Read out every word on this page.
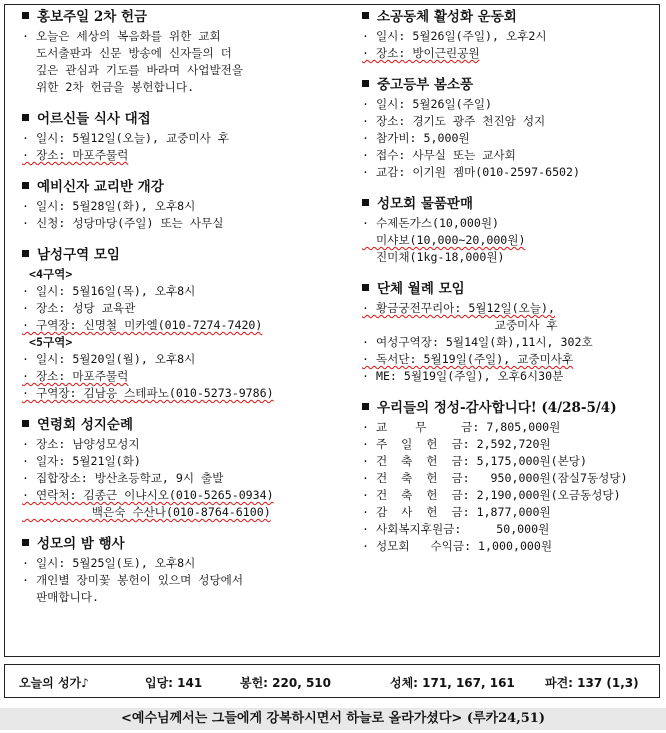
홍보주일 2차 헌금
· 오늘은 세상의 복음화를 위한 교회
도서출판과 신문 방송에 신자들의 더
깊은 관심과 기도를 바라며 사업발전을
위한 2차 헌금을 봉헌합니다.
어르신들 식사 대접
· 일시: 5월12일(오늘), 교중미사 후
· 장소: 마포주물럭
예비신자 교리반 개강
· 일시: 5월28일(화), 오후8시
· 신청: 성당마당(주일) 또는 사무실
남성구역 모임
<4구역>
· 일시: 5월16일(목), 오후8시
· 장소: 성당 교육관
· 구역장: 신명철 미카엘(010-7274-7420)
<5구역>
· 일시: 5월20일(월), 오후8시
· 장소: 마포주물럭
· 구역장: 김남응 스테파노(010-5273-9786)
연령회 성지순례
· 장소: 남양성모성지
· 일자: 5월21일(화)
· 집합장소: 방산초등학교, 9시 출발
· 연락처: 김종근 이냐시오(010-5265-0934)
백은숙 수산나(010-8764-6100)
성모의 밤 행사
· 일시: 5월25일(토), 오후8시
· 개인별 장미꽃 봉헌이 있으며 성당에서
판매합니다.
소공동체 활성화 운동회
· 일시: 5월26일(주일), 오후2시
· 장소: 방이근린공원
중고등부 봄소풍
· 일시: 5월26일(주일)
· 장소: 경기도 광주 천진암 성지
· 참가비: 5,000원
· 접수: 사무실 또는 교사회
· 교감: 이기원 젬마(010-2597-6502)
성모회 물품판매
· 수제돈가스(10,000원)
미샤보(10,000~20,000원)
진미채(1kg-18,000원)
단체 월례 모임
· 황금궁전꾸리아: 5월12일(오늘),
교중미사 후
· 여성구역장: 5월14일(화),11시, 302호
· 독서단: 5월19일(주일), 교중미사후
· ME: 5월19일(주일), 오후6시30분
우리들의 정성-감사합니다! (4/28-5/4)
· 교    무     금: 7,805,000원
· 주  일  헌  금: 2,592,720원
· 건  축  헌  금: 5,175,000원(본당)
· 건  축  헌  금:   950,000원(잠실7동성당)
· 건  축  헌  금: 2,190,000원(오금동성당)
· 감  사  헌  금: 1,877,000원
· 사회복지후원금:     50,000원
· 성모회   수익금: 1,000,000원
오늘의 성가♪	입당: 141	봉헌: 220, 510	성체: 171, 167, 161	파견: 137 (1,3)
<예수님께서는 그들에게 강복하시면서 하늘로 올라가셨다> (루카24,51)
